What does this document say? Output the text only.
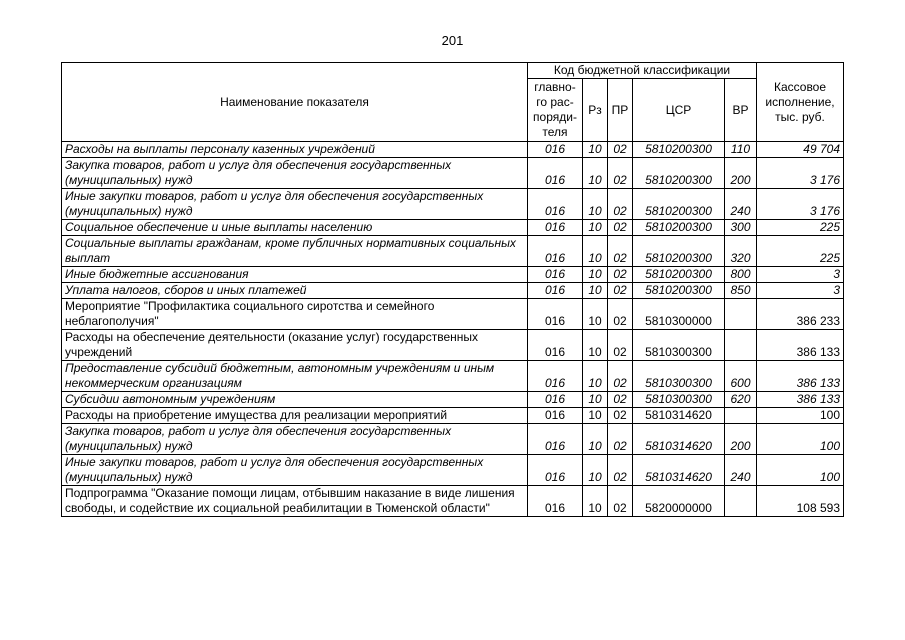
201
Наименование показателя	Код бюджетной классификации					Кассовое исполнение, тыс. руб.
	главно-го рас-поряди-теля	Рз	ПР	ЦСР	ВР	
Расходы на выплаты персоналу казенных учреждений	016	10	02	5810200300	110	49 704
Закупка товаров, работ и услуг для обеспечения государственных (муниципальных) нужд	016	10	02	5810200300	200	3 176
Иные закупки товаров, работ и услуг для обеспечения государственных (муниципальных) нужд	016	10	02	5810200300	240	3 176
Социальное обеспечение и иные выплаты населению	016	10	02	5810200300	300	225
Социальные выплаты гражданам, кроме публичных нормативных социальных выплат	016	10	02	5810200300	320	225
Иные бюджетные ассигнования	016	10	02	5810200300	800	3
Уплата налогов, сборов и иных платежей	016	10	02	5810200300	850	3
Мероприятие "Профилактика социального сиротства и семейного неблагополучия"	016	10	02	5810300000		386 233
Расходы на обеспечение деятельности (оказание услуг) государственных учреждений	016	10	02	5810300300		386 133
Предоставление субсидий бюджетным, автономным учреждениям и иным некоммерческим организациям	016	10	02	5810300300	600	386 133
Субсидии автономным учреждениям	016	10	02	5810300300	620	386 133
Расходы на приобретение имущества для реализации мероприятий	016	10	02	5810314620		100
Закупка товаров, работ и услуг для обеспечения государственных (муниципальных) нужд	016	10	02	5810314620	200	100
Иные закупки товаров, работ и услуг для обеспечения государственных (муниципальных) нужд	016	10	02	5810314620	240	100
Подпрограмма "Оказание помощи лицам, отбывшим наказание в виде лишения свободы, и содействие их социальной реабилитации в Тюменской области"	016	10	02	5820000000		108 593
